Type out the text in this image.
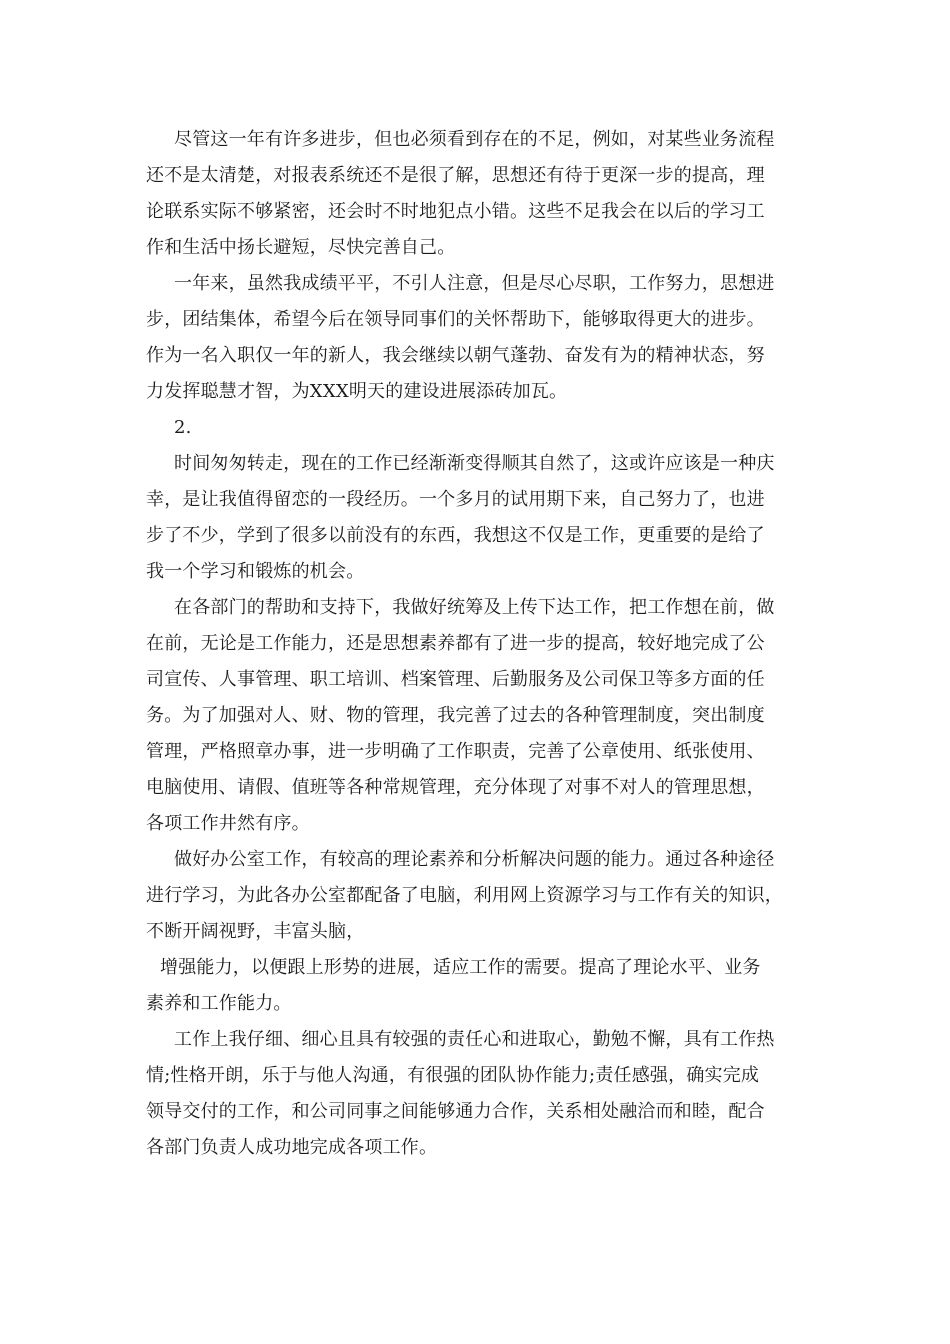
尽管这一年有许多进步，但也必须看到存在的不足，例如，对某些业务流程
还不是太清楚，对报表系统还不是很了解，思想还有待于更深一步的提高，理
论联系实际不够紧密，还会时不时地犯点小错。这些不足我会在以后的学习工
作和生活中扬长避短，尽快完善自己。
一年来，虽然我成绩平平，不引人注意，但是尽心尽职，工作努力，思想进
步，团结集体，希望今后在领导同事们的关怀帮助下，能够取得更大的进步。
作为一名入职仅一年的新人，我会继续以朝气蓬勃、奋发有为的精神状态，努
力发挥聪慧才智，为XXX明天的建设进展添砖加瓦。
2.
时间匆匆转走，现在的工作已经渐渐变得顺其自然了，这或许应该是一种庆
幸，是让我值得留恋的一段经历。一个多月的试用期下来，自己努力了，也进
步了不少，学到了很多以前没有的东西，我想这不仅是工作，更重要的是给了
我一个学习和锻炼的机会。
在各部门的帮助和支持下，我做好统筹及上传下达工作，把工作想在前，做
在前，无论是工作能力，还是思想素养都有了进一步的提高，较好地完成了公
司宣传、人事管理、职工培训、档案管理、后勤服务及公司保卫等多方面的任
务。为了加强对人、财、物的管理，我完善了过去的各种管理制度，突出制度
管理，严格照章办事，进一步明确了工作职责，完善了公章使用、纸张使用、
电脑使用、请假、值班等各种常规管理，充分体现了对事不对人的管理思想，
各项工作井然有序。
做好办公室工作，有较高的理论素养和分析解决问题的能力。通过各种途径
进行学习，为此各办公室都配备了电脑，利用网上资源学习与工作有关的知识，
不断开阔视野，丰富头脑，
增强能力，以便跟上形势的进展，适应工作的需要。提高了理论水平、业务
素养和工作能力。
工作上我仔细、细心且具有较强的责任心和进取心，勤勉不懈，具有工作热
情;性格开朗，乐于与他人沟通，有很强的团队协作能力;责任感强，确实完成
领导交付的工作，和公司同事之间能够通力合作，关系相处融洽而和睦，配合
各部门负责人成功地完成各项工作。
